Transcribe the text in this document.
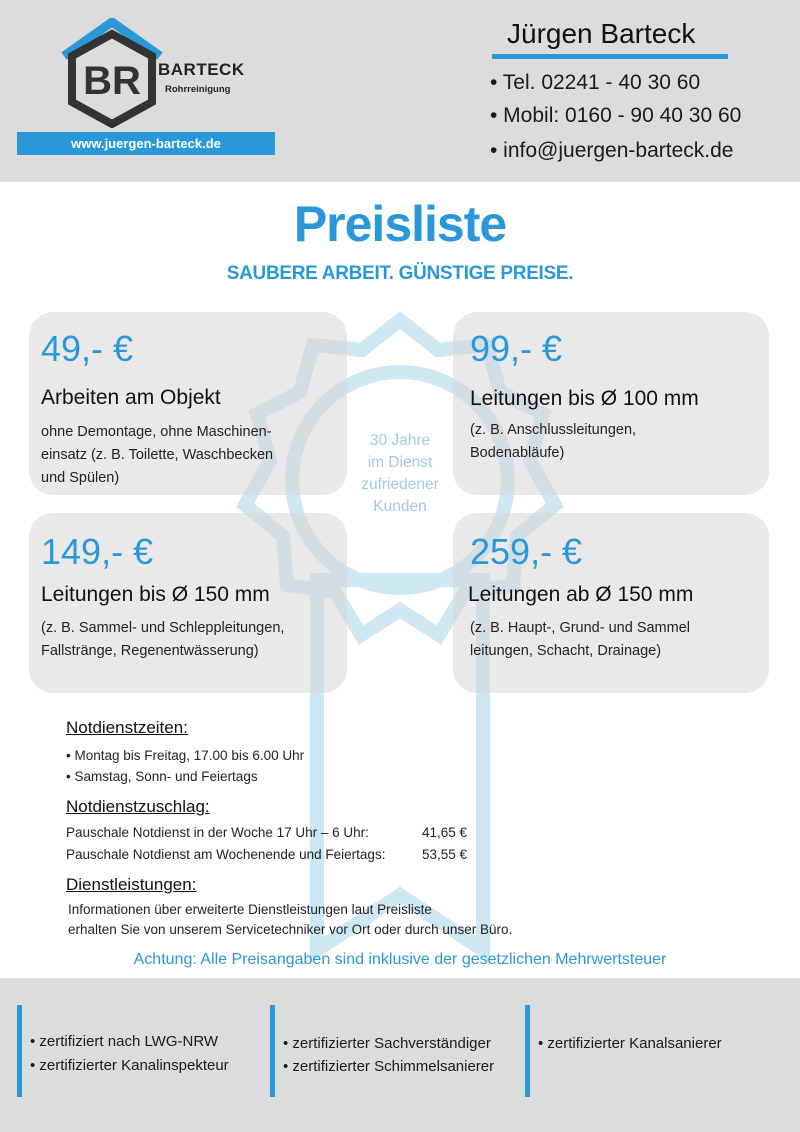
BR BARTECK
Rohrreinigung
www.juergen-barteck.de
Jürgen Barteck
• Tel. 02241 - 40 30 60
• Mobil: 0160 - 90 40 30 60
• info@juergen-barteck.de
Preisliste
SAUBERE ARBEIT. GÜNSTIGE PREISE.
49,- €
Arbeiten am Objekt
ohne Demontage, ohne Maschinen-
einsatz (z. B. Toilette, Waschbecken
und Spülen)
99,- €
Leitungen bis Ø 100 mm
(z. B. Anschlussleitungen,
Bodenabläufe)
149,- €
Leitungen bis Ø 150 mm
(z. B. Sammel- und Schleppleitungen,
Fallstränge, Regenentwässerung)
259,- €
Leitungen ab Ø 150 mm
(z. B. Haupt-, Grund- und Sammel
leitungen, Schacht, Drainage)
30 Jahre
im Dienst
zufriedener
Kunden
Notdienstzeiten:
• Montag bis Freitag, 17.00 bis 6.00 Uhr
• Samstag, Sonn- und Feiertags
Notdienstzuschlag:
Pauschale Notdienst in der Woche 17 Uhr – 6 Uhr:	41,65 €
Pauschale Notdienst am Wochenende und Feiertags:	53,55 €
Dienstleistungen:
Informationen über erweiterte Dienstleistungen laut Preisliste
erhalten Sie von unserem Servicetechniker vor Ort oder durch unser Büro.
Achtung: Alle Preisangaben sind inklusive der gesetzlichen Mehrwertsteuer
• zertifiziert nach LWG-NRW
• zertifizierter Kanalinspekteur
• zertifizierter Sachverständiger
• zertifizierter Schimmelsanierer
• zertifizierter Kanalsanierer
